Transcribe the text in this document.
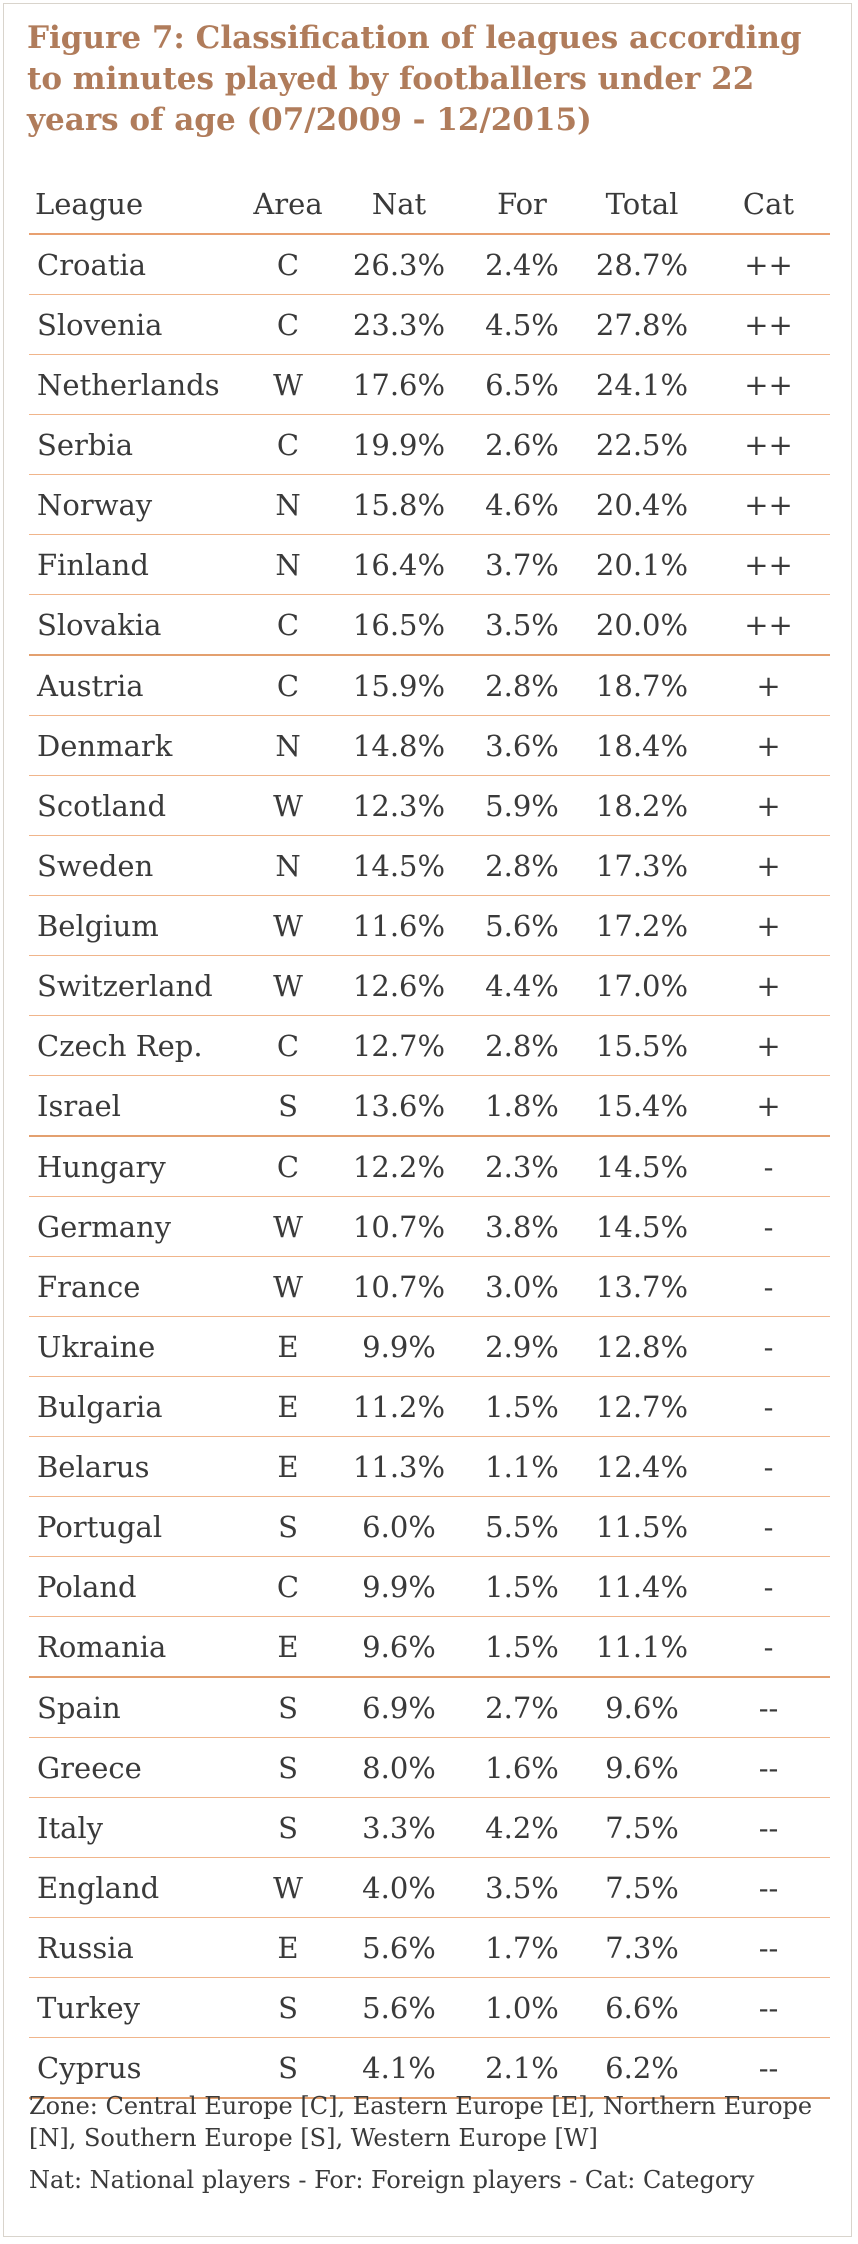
Figure 7: Classification of leagues according to minutes played by footballers under 22 years of age (07/2009 - 12/2015)
League	Area	Nat	For	Total	Cat
Croatia	C	26.3%	2.4%	28.7%	++
Slovenia	C	23.3%	4.5%	27.8%	++
Netherlands	W	17.6%	6.5%	24.1%	++
Serbia	C	19.9%	2.6%	22.5%	++
Norway	N	15.8%	4.6%	20.4%	++
Finland	N	16.4%	3.7%	20.1%	++
Slovakia	C	16.5%	3.5%	20.0%	++
Austria	C	15.9%	2.8%	18.7%	+
Denmark	N	14.8%	3.6%	18.4%	+
Scotland	W	12.3%	5.9%	18.2%	+
Sweden	N	14.5%	2.8%	17.3%	+
Belgium	W	11.6%	5.6%	17.2%	+
Switzerland	W	12.6%	4.4%	17.0%	+
Czech Rep.	C	12.7%	2.8%	15.5%	+
Israel	S	13.6%	1.8%	15.4%	+
Hungary	C	12.2%	2.3%	14.5%	-
Germany	W	10.7%	3.8%	14.5%	-
France	W	10.7%	3.0%	13.7%	-
Ukraine	E	9.9%	2.9%	12.8%	-
Bulgaria	E	11.2%	1.5%	12.7%	-
Belarus	E	11.3%	1.1%	12.4%	-
Portugal	S	6.0%	5.5%	11.5%	-
Poland	C	9.9%	1.5%	11.4%	-
Romania	E	9.6%	1.5%	11.1%	-
Spain	S	6.9%	2.7%	9.6%	--
Greece	S	8.0%	1.6%	9.6%	--
Italy	S	3.3%	4.2%	7.5%	--
England	W	4.0%	3.5%	7.5%	--
Russia	E	5.6%	1.7%	7.3%	--
Turkey	S	5.6%	1.0%	6.6%	--
Cyprus	S	4.1%	2.1%	6.2%	--

Zone: Central Europe [C], Eastern Europe [E], Northern Europe [N], Southern Europe [S], Western Europe [W]

Nat: National players - For: Foreign players - Cat: Category
